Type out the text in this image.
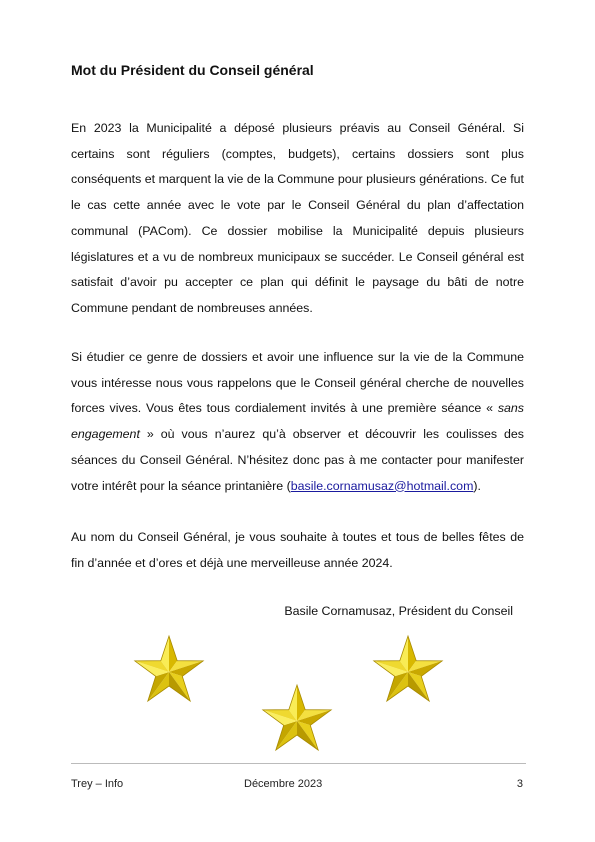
Mot du Président du Conseil général

En 2023 la Municipalité a déposé plusieurs préavis au Conseil Général. Si certains sont réguliers (comptes, budgets), certains dossiers sont plus conséquents et marquent la vie de la Commune pour plusieurs générations. Ce fut le cas cette année avec le vote par le Conseil Général du plan d’affectation communal (PACom). Ce dossier mobilise la Municipalité depuis plusieurs législatures et a vu de nombreux municipaux se succéder. Le Conseil général est satisfait d’avoir pu accepter ce plan qui définit le paysage du bâti de notre Commune pendant de nombreuses années.

Si étudier ce genre de dossiers et avoir une influence sur la vie de la Commune vous intéresse nous vous rappelons que le Conseil général cherche de nouvelles forces vives. Vous êtes tous cordialement invités à une première séance « sans engagement » où vous n’aurez qu’à observer et découvrir les coulisses des séances du Conseil Général. N’hésitez donc pas à me contacter pour manifester votre intérêt pour la séance printanière (basile.cornamusaz@hotmail.com).

Au nom du Conseil Général, je vous souhaite à toutes et tous de belles fêtes de fin d’année et d’ores et déjà une merveilleuse année 2024.

Basile Cornamusaz, Président du Conseil

Trey – Info	Décembre 2023	3
